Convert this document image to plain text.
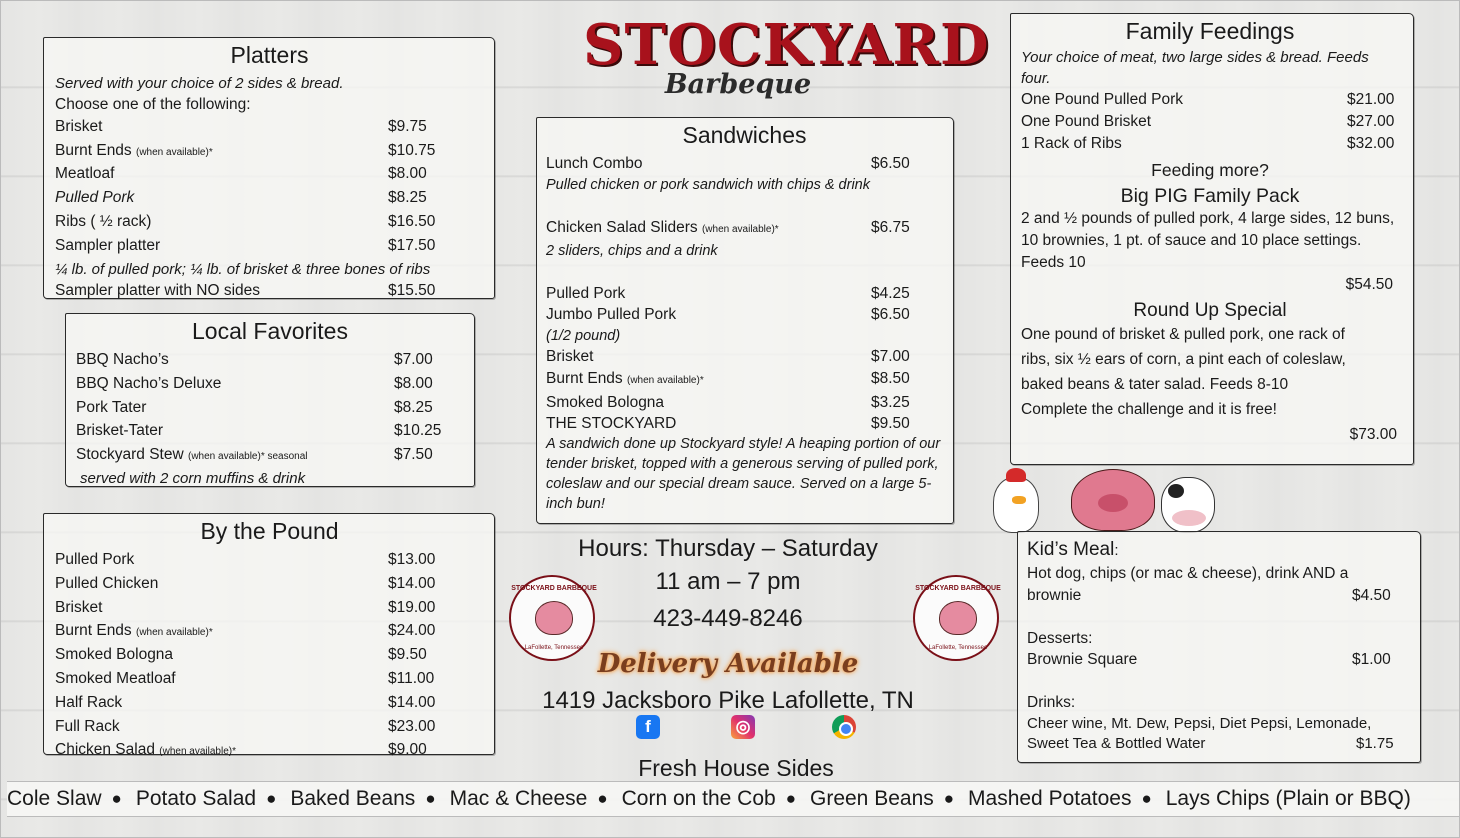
Platters
Served with your choice of 2 sides & bread.
Choose one of the following:
Brisket	$9.75
Burnt Ends (when available)*	$10.75
Meatloaf	$8.00
Pulled Pork	$8.25
Ribs ( ½ rack)	$16.50
Sampler platter	$17.50
¼ lb. of pulled pork; ¼ lb. of brisket & three bones of ribs
Sampler platter with NO sides	$15.50
Local Favorites
BBQ Nacho’s	$7.00
BBQ Nacho’s Deluxe	$8.00
Pork Tater	$8.25
Brisket-Tater	$10.25
Stockyard Stew (when available)* seasonal	$7.50
served with 2 corn muffins & drink
By the Pound
Pulled Pork	$13.00
Pulled Chicken	$14.00
Brisket	$19.00
Burnt Ends (when available)*	$24.00
Smoked Bologna	$9.50
Smoked Meatloaf	$11.00
Half Rack	$14.00
Full Rack	$23.00
Chicken Salad (when available)*	$9.00
STOCKYARD
Barbeque
Sandwiches
Lunch Combo	$6.50
Pulled chicken or pork sandwich with chips & drink
Chicken Salad Sliders (when available)*	$6.75
2 sliders, chips and a drink
Pulled Pork	$4.25
Jumbo Pulled Pork	$6.50
(1/2 pound)
Brisket	$7.00
Burnt Ends (when available)*	$8.50
Smoked Bologna	$3.25
THE STOCKYARD	$9.50
A sandwich done up Stockyard style! A heaping portion of our tender brisket, topped with a generous serving of pulled pork, coleslaw and our special dream sauce. Served on a large 5-inch bun!
Hours: Thursday – Saturday
11 am – 7 pm
423-449-8246
Delivery Available
1419 Jacksboro Pike Lafollette, TN
STOCKYARD BARBEQUE
LaFollette, Tennessee
STOCKYARD BARBEQUE
LaFollette, Tennessee
f	◎
Fresh House Sides
Family Feedings
Your choice of meat, two large sides & bread. Feeds four.
One Pound Pulled Pork	$21.00
One Pound Brisket	$27.00
1 Rack of Ribs	$32.00
Feeding more?
Big PIG Family Pack
2 and ½ pounds of pulled pork, 4 large sides, 12 buns, 10 brownies, 1 pt. of sauce and 10 place settings. Feeds 10
$54.50
Round Up Special
One pound of brisket & pulled pork, one rack of
ribs, six ½ ears of corn, a pint each of coleslaw,
baked beans & tater salad. Feeds 8-10
Complete the challenge and it is free!
$73.00
Kid’s Meal:
Hot dog, chips (or mac & cheese), drink AND a
brownie	$4.50
Desserts:
Brownie Square	$1.00
Drinks:
Cheer wine, Mt. Dew, Pepsi, Diet Pepsi, Lemonade,
Sweet Tea & Bottled Water	$1.75
Cole Slaw ● Potato Salad ● Baked Beans ● Mac & Cheese ● Corn on the Cob ● Green Beans ● Mashed Potatoes ● Lays Chips (Plain or BBQ)
